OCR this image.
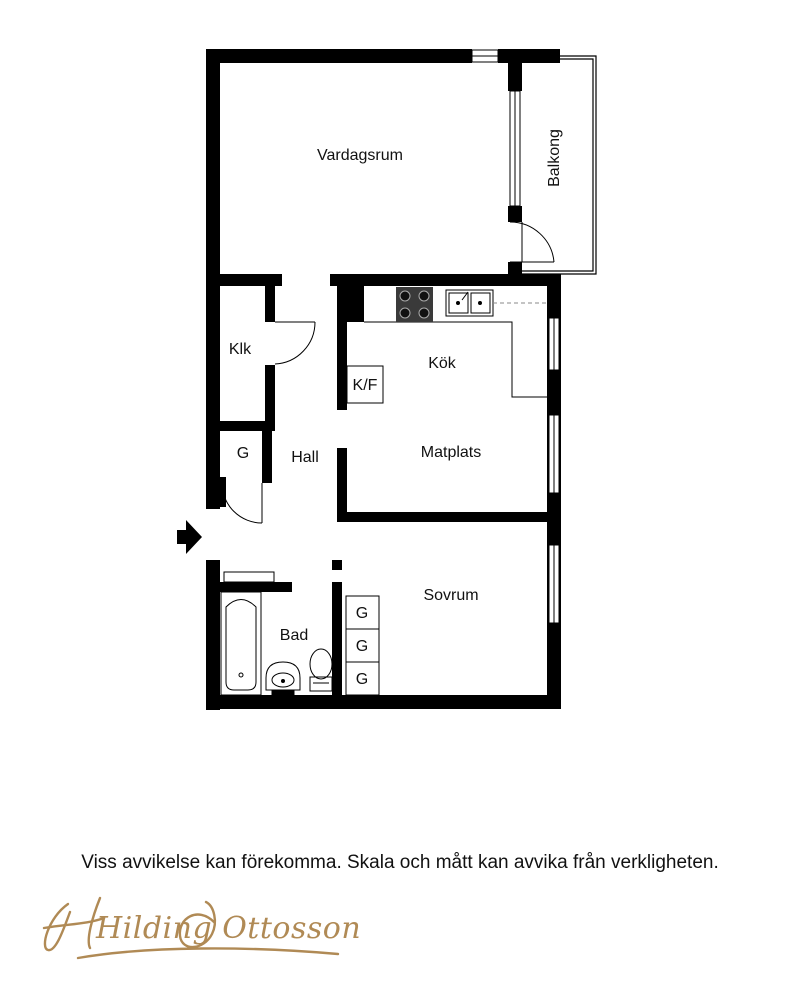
Vardagsrum	Balkong
Klk
Kök
K/F
G	Hall	Matplats
Sovrum
Bad
G
G
G
Viss avvikelse kan förekomma. Skala och mått kan avvika från verkligheten.
Hilding Ottosson
